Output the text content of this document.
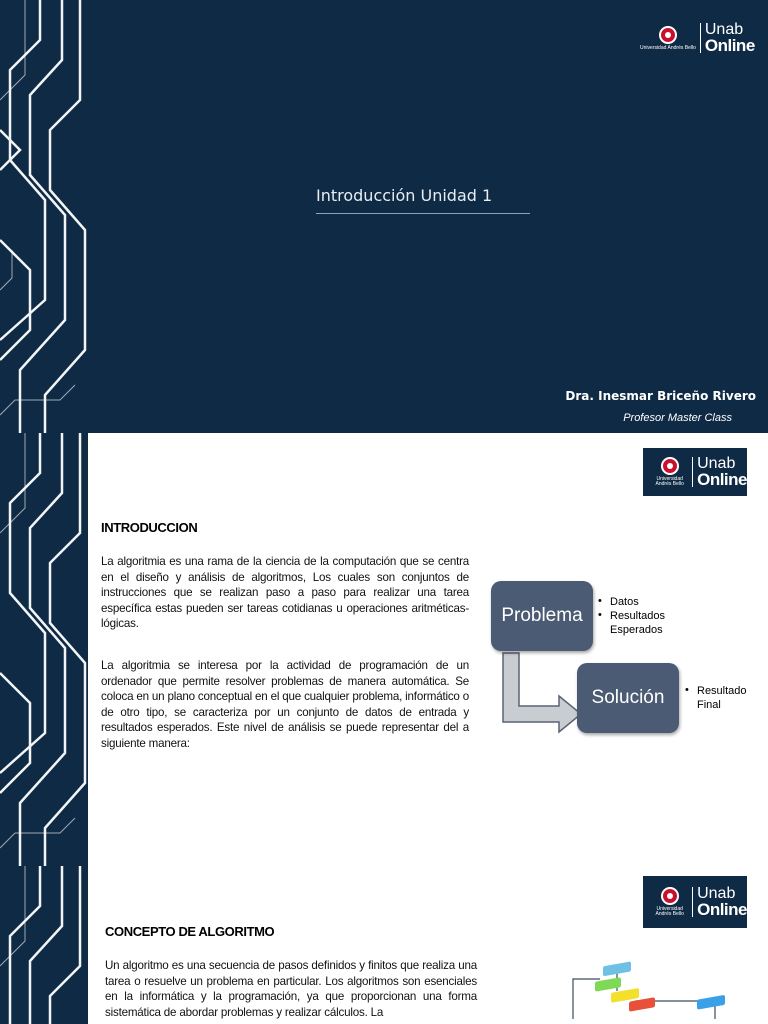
Universidad Andrés Bello
Unab
Online
Introducción Unidad 1
Dra. Inesmar Briceño Rivero
Profesor Master Class
Universidad Andrés Bello
Unab
Online
INTRODUCCION
La algoritmia es una rama de la ciencia de la computación que se centra en el diseño y análisis de algoritmos, Los cuales son conjuntos de instrucciones que se realizan paso a paso para realizar una tarea específica estas pueden ser tareas cotidianas u operaciones aritméticas-lógicas.
La algoritmia se interesa por la actividad de programación de un ordenador que permite resolver problemas de manera automática. Se coloca en un plano conceptual en el que cualquier problema, informático o de otro tipo, se caracteriza por un conjunto de datos de entrada y resultados esperados. Este nivel de análisis se puede representar del a siguiente manera:
Problema
• Datos
• Resultados Esperados
Solución
•	Resultado Final
Universidad Andrés Bello
Unab
Online
CONCEPTO DE ALGORITMO
Un algoritmo es una secuencia de pasos definidos y finitos que realiza una tarea o resuelve un problema en particular. Los algoritmos son esenciales en la informática y la programación, ya que proporcionan una forma sistemática de abordar problemas y realizar cálculos. La
